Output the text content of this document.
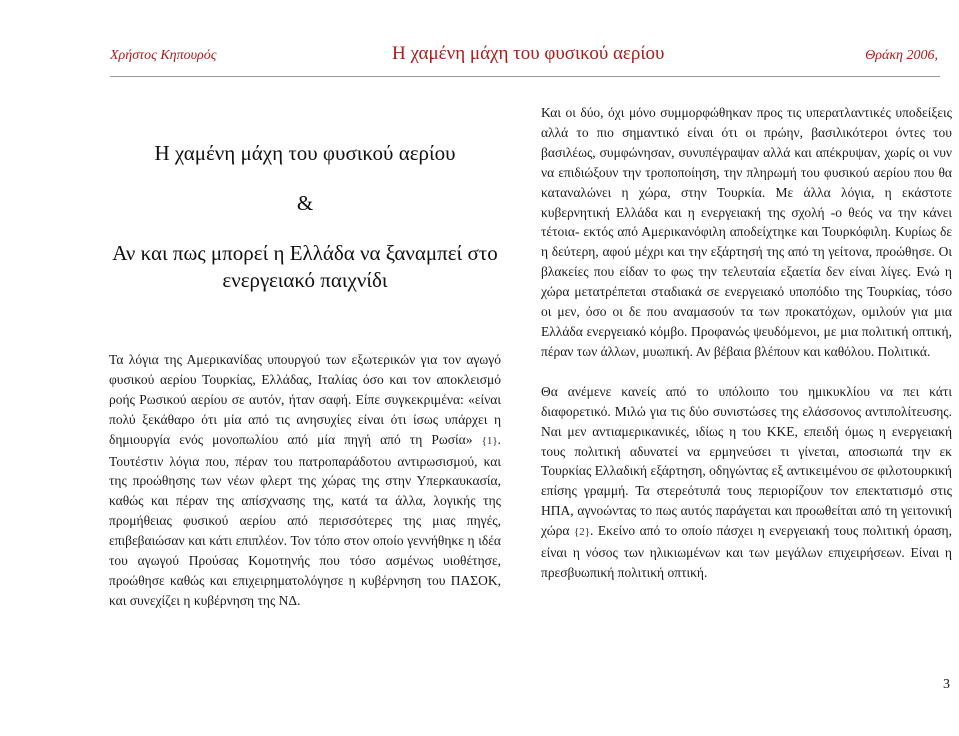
Χρήστος Κηπουρός	Η χαμένη μάχη του φυσικού αερίου	Θράκη 2006,

Η χαμένη μάχη του φυσικού αερίου

&

Αν και πως μπορεί η Ελλάδα να ξαναμπεί στο ενεργειακό παιχνίδι

Τα λόγια της Αμερικανίδας υπουργού των εξωτερικών για τον αγωγό φυσικού αερίου Τουρκίας, Ελλάδας, Ιταλίας όσο και τον αποκλεισμό ροής Ρωσικού αερίου σε αυτόν, ήταν σαφή. Είπε συγκεκριμένα: «είναι πολύ ξεκάθαρο ότι μία από τις ανησυχίες είναι ότι ίσως υπάρχει η δημιουργία ενός μονοπωλίου από μία πηγή από τη Ρωσία» {1}. Τουτέστιν λόγια που, πέραν του πατροπαράδοτου αντιρωσισμού, και της προώθησης των νέων φλερτ της χώρας της στην Υπερκαυκασία, καθώς και πέραν της απίσχνασης της, κατά τα άλλα, λογικής της προμήθειας φυσικού αερίου από περισσότερες της μιας πηγές, επιβεβαιώσαν και κάτι επιπλέον. Τον τόπο στον οποίο γεννήθηκε η ιδέα του αγωγού Προύσας Κομοτηνής που τόσο ασμένως υιοθέτησε, προώθησε καθώς και επιχειρηματολόγησε η κυβέρνηση του ΠΑΣΟΚ, και συνεχίζει η κυβέρνηση της ΝΔ.

Και οι δύο, όχι μόνο συμμορφώθηκαν προς τις υπερατλαντικές υποδείξεις αλλά το πιο σημαντικό είναι ότι οι πρώην, βασιλικότεροι όντες του βασιλέως, συμφώνησαν, συνυπέγραψαν αλλά και απέκρυψαν, χωρίς οι νυν να επιδιώξουν την τροποποίηση, την πληρωμή του φυσικού αερίου που θα καταναλώνει η χώρα, στην Τουρκία. Με άλλα λόγια, η εκάστοτε κυβερνητική Ελλάδα και η ενεργειακή της σχολή -ο θεός να την κάνει τέτοια- εκτός από Αμερικανόφιλη αποδείχτηκε και Τουρκόφιλη. Κυρίως δε η δεύτερη, αφού μέχρι και την εξάρτησή της από τη γείτονα, προώθησε. Οι βλακείες που είδαν το φως την τελευταία εξαετία δεν είναι λίγες. Ενώ η χώρα μετατρέπεται σταδιακά σε ενεργειακό υπoπόδιο της Τουρκίας, τόσο οι μεν, όσο οι δε που αναμασούν τα των προκατόχων, ομιλούν για μια Ελλάδα ενεργειακό κόμβο. Προφανώς ψευδόμενοι, με μια πολιτική οπτική, πέραν των άλλων, μυωπική. Αν βέβαια βλέπουν και καθόλου. Πολιτικά.

Θα ανέμενε κανείς από το υπόλοιπο του ημικυκλίου να πει κάτι διαφορετικό. Μιλώ για τις δύο συνιστώσες της ελάσσονος αντιπολίτευσης. Ναι μεν αντιαμερικανικές, ιδίως η του ΚΚΕ, επειδή όμως η ενεργειακή τους πολιτική αδυνατεί να ερμηνεύσει τι γίνεται, αποσιωπά την εκ Τουρκίας Ελλαδική εξάρτηση, οδηγώντας εξ αντικειμένου σε φιλοτουρκική επίσης γραμμή. Τα στερεότυπά τους περιορίζουν τον επεκτατισμό στις ΗΠΑ, αγνοώντας το πως αυτός παράγεται και προωθείται από τη γειτονική χώρα {2}. Εκείνο από το οποίο πάσχει η ενεργειακή τους πολιτική όραση, είναι η νόσος των ηλικιωμένων και των μεγάλων επιχειρήσεων. Είναι η πρεσβυωπική πολιτική οπτική.

3
